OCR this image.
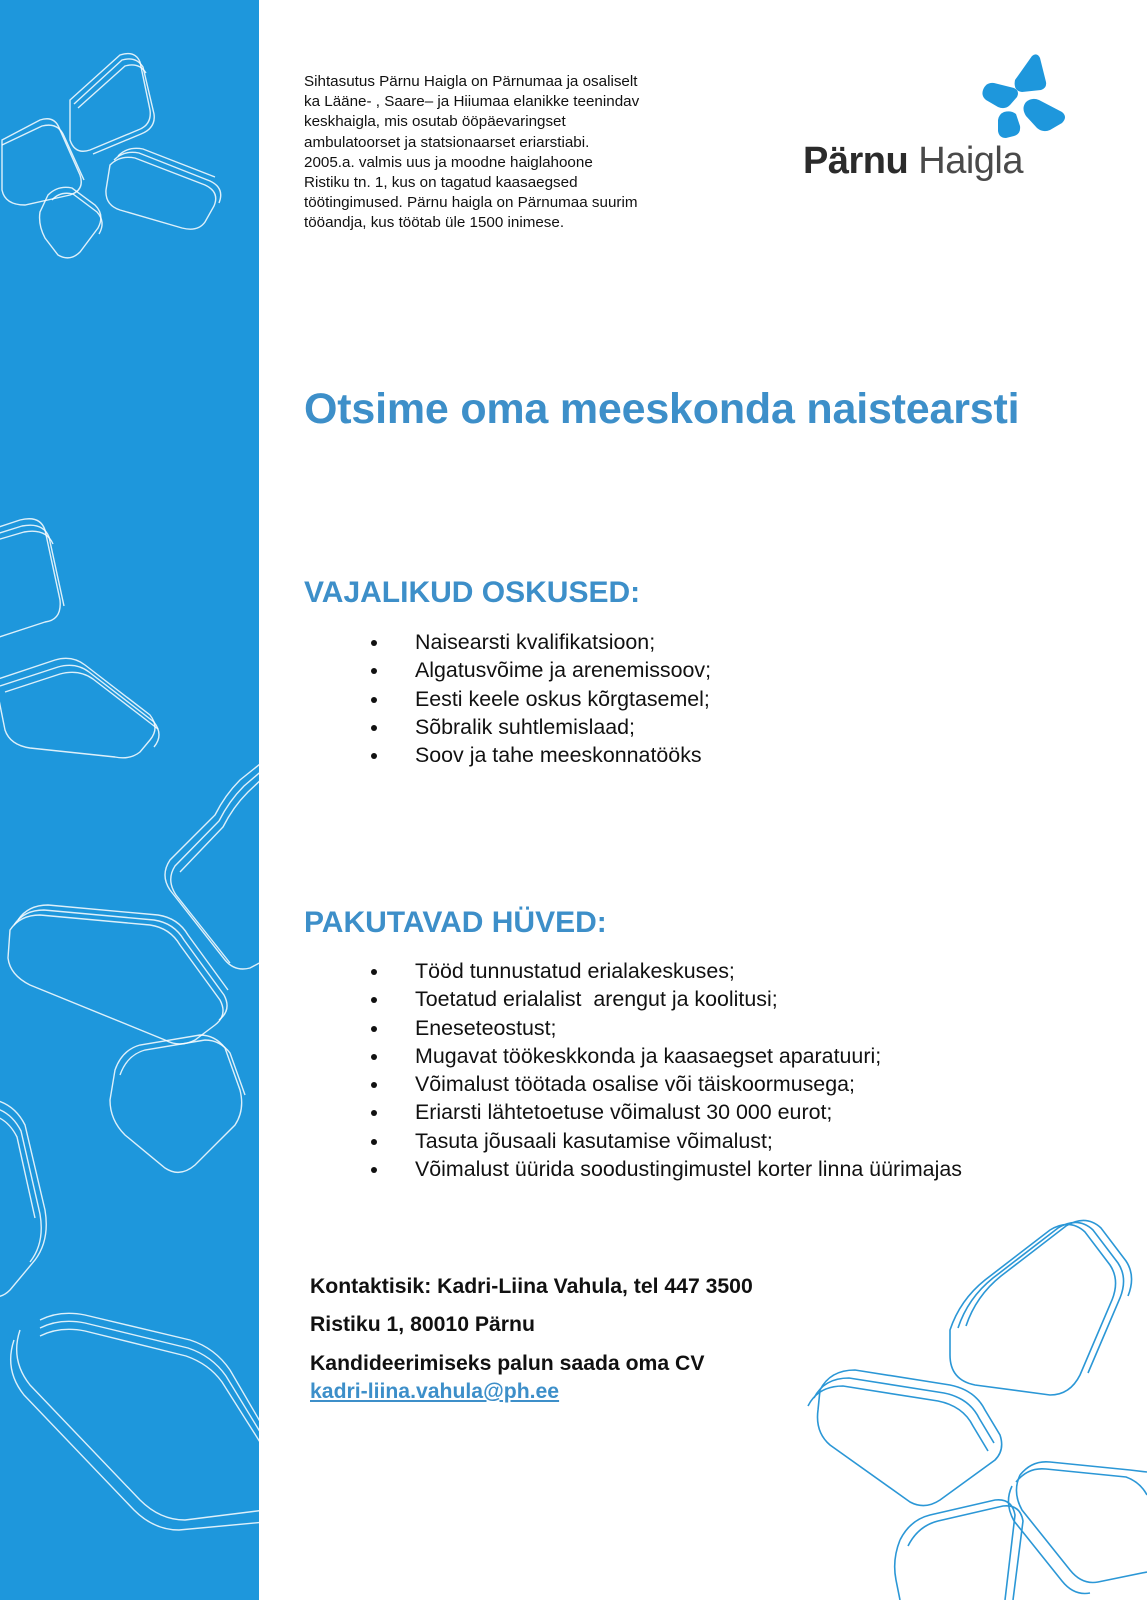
Sihtasutus Pärnu Haigla on Pärnumaa ja osaliselt
ka Lääne- , Saare– ja Hiiumaa elanikke teenindav
keskhaigla, mis osutab ööpäevaringset
ambulatoorset ja statsionaarset eriarstiabi.
2005.a. valmis uus ja moodne haiglahoone
Ristiku tn. 1, kus on tagatud kaasaegsed
töötingimused. Pärnu haigla on Pärnumaa suurim
tööandja, kus töötab üle 1500 inimese.
Pärnu Haigla
Otsime oma meeskonda naistearsti
VAJALIKUD OSKUSED:
Naisearsti kvalifikatsioon;
Algatusvõime ja arenemissoov;
Eesti keele oskus kõrgtasemel;
Sõbralik suhtlemislaad;
Soov ja tahe meeskonnatööks
PAKUTAVAD HÜVED:
Tööd tunnustatud erialakeskuses;
Toetatud erialalist  arengut ja koolitusi;
Eneseteostust;
Mugavat töökeskkonda ja kaasaegset aparatuuri;
Võimalust töötada osalise või täiskoormusega;
Eriarsti lähtetoetuse võimalust 30 000 eurot;
Tasuta jõusaali kasutamise võimalust;
Võimalust üürida soodustingimustel korter linna üürimajas

Kontaktisik: Kadri-Liina Vahula, tel 447 3500

Ristiku 1, 80010 Pärnu

Kandideerimiseks palun saada oma CV

kadri-liina.vahula@ph.ee
